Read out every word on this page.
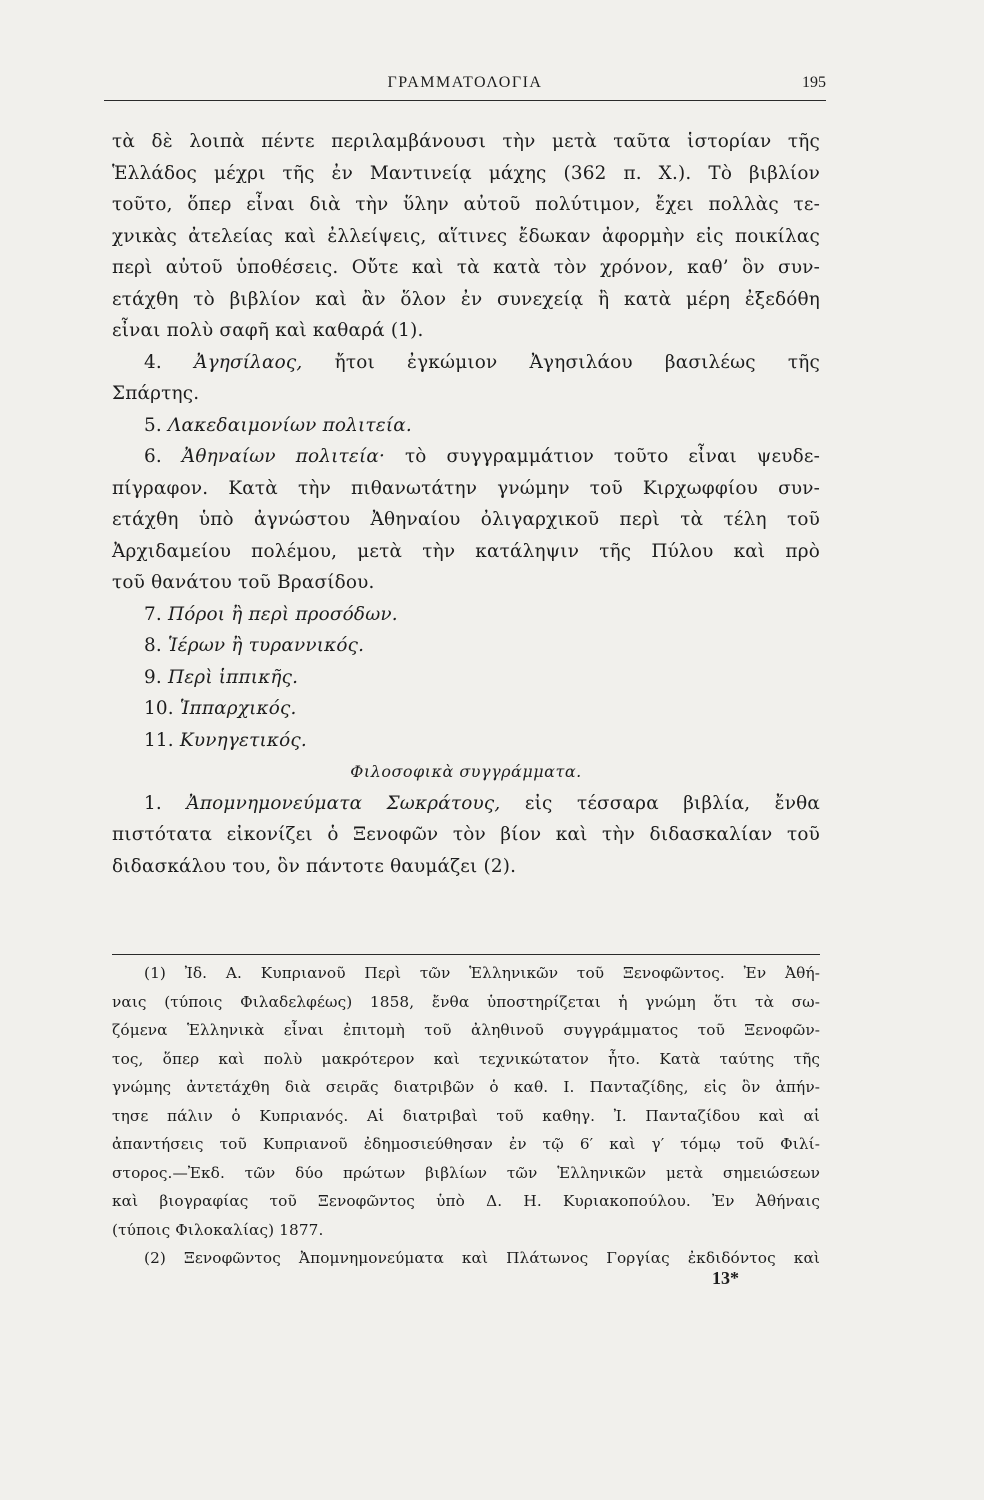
ΓΡΑΜΜΑΤΟΛΟΓΙΑ	195
τὰ δὲ λοιπὰ πέντε περιλαμβάνουσι τὴν μετὰ ταῦτα ἱστορίαν τῆς
Ἑλλάδος μέχρι τῆς ἐν Μαντινείᾳ μάχης (362 π. Χ.). Τὸ βιβλίον
τοῦτο, ὅπερ εἶναι διὰ τὴν ὕλην αὐτοῦ πολύτιμον, ἔχει πολλὰς τε-
χνικὰς ἀτελείας καὶ ἐλλείψεις, αἵτινες ἔδωκαν ἀφορμὴν εἰς ποικίλας
περὶ αὐτοῦ ὑποθέσεις. Οὔτε καὶ τὰ κατὰ τὸν χρόνον, καθ’ ὃν συν-
ετάχθη τὸ βιβλίον καὶ ἂν ὅλον ἐν συνεχείᾳ ἢ κατὰ μέρη ἐξεδόθη
εἶναι πολὺ σαφῆ καὶ καθαρά (1).
4. Ἀγησίλαος, ἤτοι ἐγκώμιον Ἀγησιλάου βασιλέως τῆς
Σπάρτης.
5. Λακεδαιμονίων πολιτεία.
6. Ἀθηναίων πολιτεία· τὸ συγγραμμάτιον τοῦτο εἶναι ψευδε-
πίγραφον. Κατὰ τὴν πιθανωτάτην γνώμην τοῦ Κιρχωφφίου συν-
ετάχθη ὑπὸ ἀγνώστου Ἀθηναίου ὀλιγαρχικοῦ περὶ τὰ τέλη τοῦ
Ἀρχιδαμείου πολέμου, μετὰ τὴν κατάληψιν τῆς Πύλου καὶ πρὸ
τοῦ θανάτου τοῦ Βρασίδου.
7. Πόροι ἢ περὶ προσόδων.
8. Ἱέρων ἢ τυραννικός.
9. Περὶ ἱππικῆς.
10. Ἱππαρχικός.
11. Κυνηγετικός.
Φιλοσοφικὰ συγγράμματα.
1. Ἀπομνημονεύματα Σωκράτους, εἰς τέσσαρα βιβλία, ἔνθα
πιστότατα εἰκονίζει ὁ Ξενοφῶν τὸν βίον καὶ τὴν διδασκαλίαν τοῦ
διδασκάλου του, ὃν πάντοτε θαυμάζει (2).
(1) Ἰδ. Α. Κυπριανοῦ Περὶ τῶν Ἑλληνικῶν τοῦ Ξενοφῶντος. Ἐν Ἀθή-
ναις (τύποις Φιλαδελφέως) 1858, ἔνθα ὑποστηρίζεται ἡ γνώμη ὅτι τὰ σω-
ζόμενα Ἑλληνικὰ εἶναι ἐπιτομὴ τοῦ ἀληθινοῦ συγγράμματος τοῦ Ξενοφῶν-
τος, ὅπερ καὶ πολὺ μακρότερον καὶ τεχνικώτατον ἦτο. Κατὰ ταύτης τῆς
γνώμης ἀντετάχθη διὰ σειρᾶς διατριβῶν ὁ καθ. Ι. Πανταζίδης, εἰς ὃν ἀπήν-
τησε πάλιν ὁ Κυπριανός. Αἱ διατριβαὶ τοῦ καθηγ. Ἰ. Πανταζίδου καὶ αἱ
ἀπαντήσεις τοῦ Κυπριανοῦ ἐδημοσιεύθησαν ἐν τῷ 6′ καὶ γ′ τόμῳ τοῦ Φιλί-
στορος.—Ἐκδ. τῶν δύο πρώτων βιβλίων τῶν Ἑλληνικῶν μετὰ σημειώσεων
καὶ βιογραφίας τοῦ Ξενοφῶντος ὑπὸ Δ. Η. Κυριακοπούλου. Ἐν Ἀθήναις
(τύποις Φιλοκαλίας) 1877.
(2) Ξενοφῶντος Ἀπομνημονεύματα καὶ Πλάτωνος Γοργίας ἐκδιδόντος καὶ
13*
